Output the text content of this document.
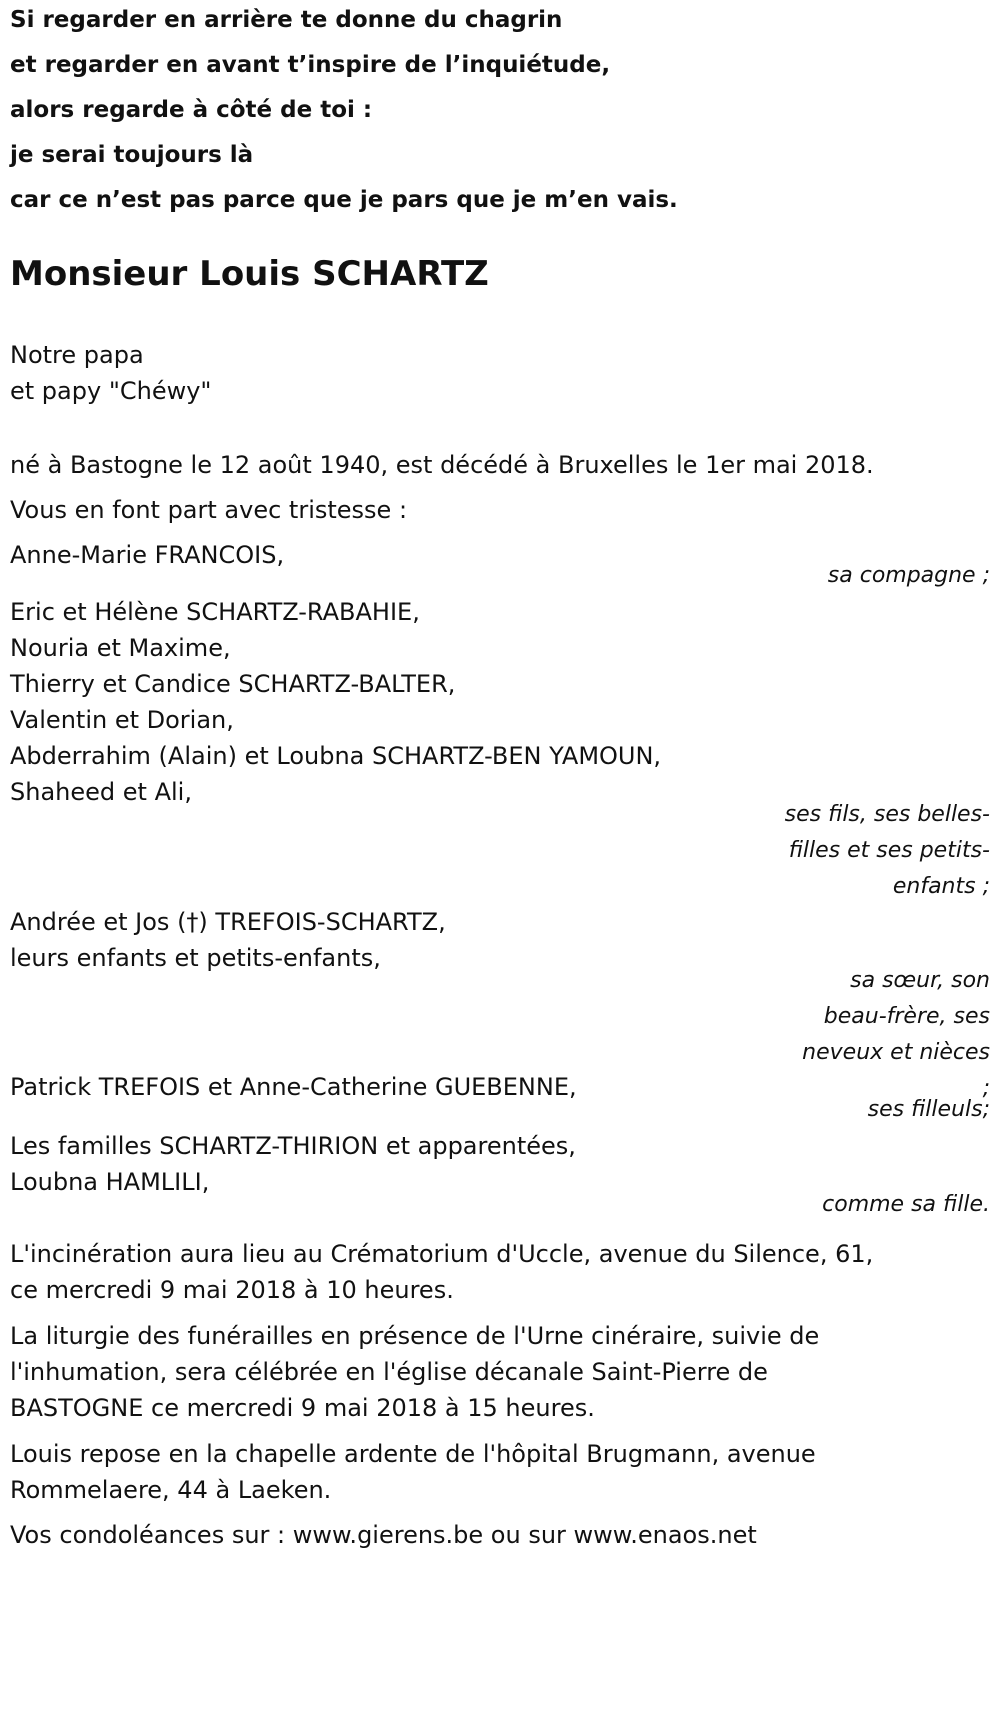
Si regarder en arrière te donne du chagrin
et regarder en avant t’inspire de l’inquiétude,
alors regarde à côté de toi :
je serai toujours là
car ce n’est pas parce que je pars que je m’en vais.
Monsieur Louis SCHARTZ
Notre papa
et papy "Chéwy"
né à Bastogne le 12 août 1940, est décédé à Bruxelles le 1er mai 2018.
Vous en font part avec tristesse :
Anne-Marie FRANCOIS,
sa compagne ;
Eric et Hélène SCHARTZ-RABAHIE,
Nouria et Maxime,
Thierry et Candice SCHARTZ-BALTER,
Valentin et Dorian,
Abderrahim (Alain) et Loubna SCHARTZ-BEN YAMOUN,
Shaheed et Ali,
ses fils, ses belles-filles et ses petits-enfants ;
Andrée et Jos (†) TREFOIS-SCHARTZ,
leurs enfants et petits-enfants,
sa sœur, son beau-frère, ses neveux et nièces ;
Patrick TREFOIS et Anne-Catherine GUEBENNE,
ses filleuls;
Les familles SCHARTZ-THIRION et apparentées,
Loubna HAMLILI,
comme sa fille.
L'incinération aura lieu au Crématorium d'Uccle, avenue du Silence, 61,
ce mercredi 9 mai 2018 à 10 heures.
La liturgie des funérailles en présence de l'Urne cinéraire, suivie de
l'inhumation, sera célébrée en l'église décanale Saint-Pierre de
BASTOGNE ce mercredi 9 mai 2018 à 15 heures.
Louis repose en la chapelle ardente de l'hôpital Brugmann, avenue
Rommelaere, 44 à Laeken.
Vos condoléances sur : www.gierens.be ou sur www.enaos.net
